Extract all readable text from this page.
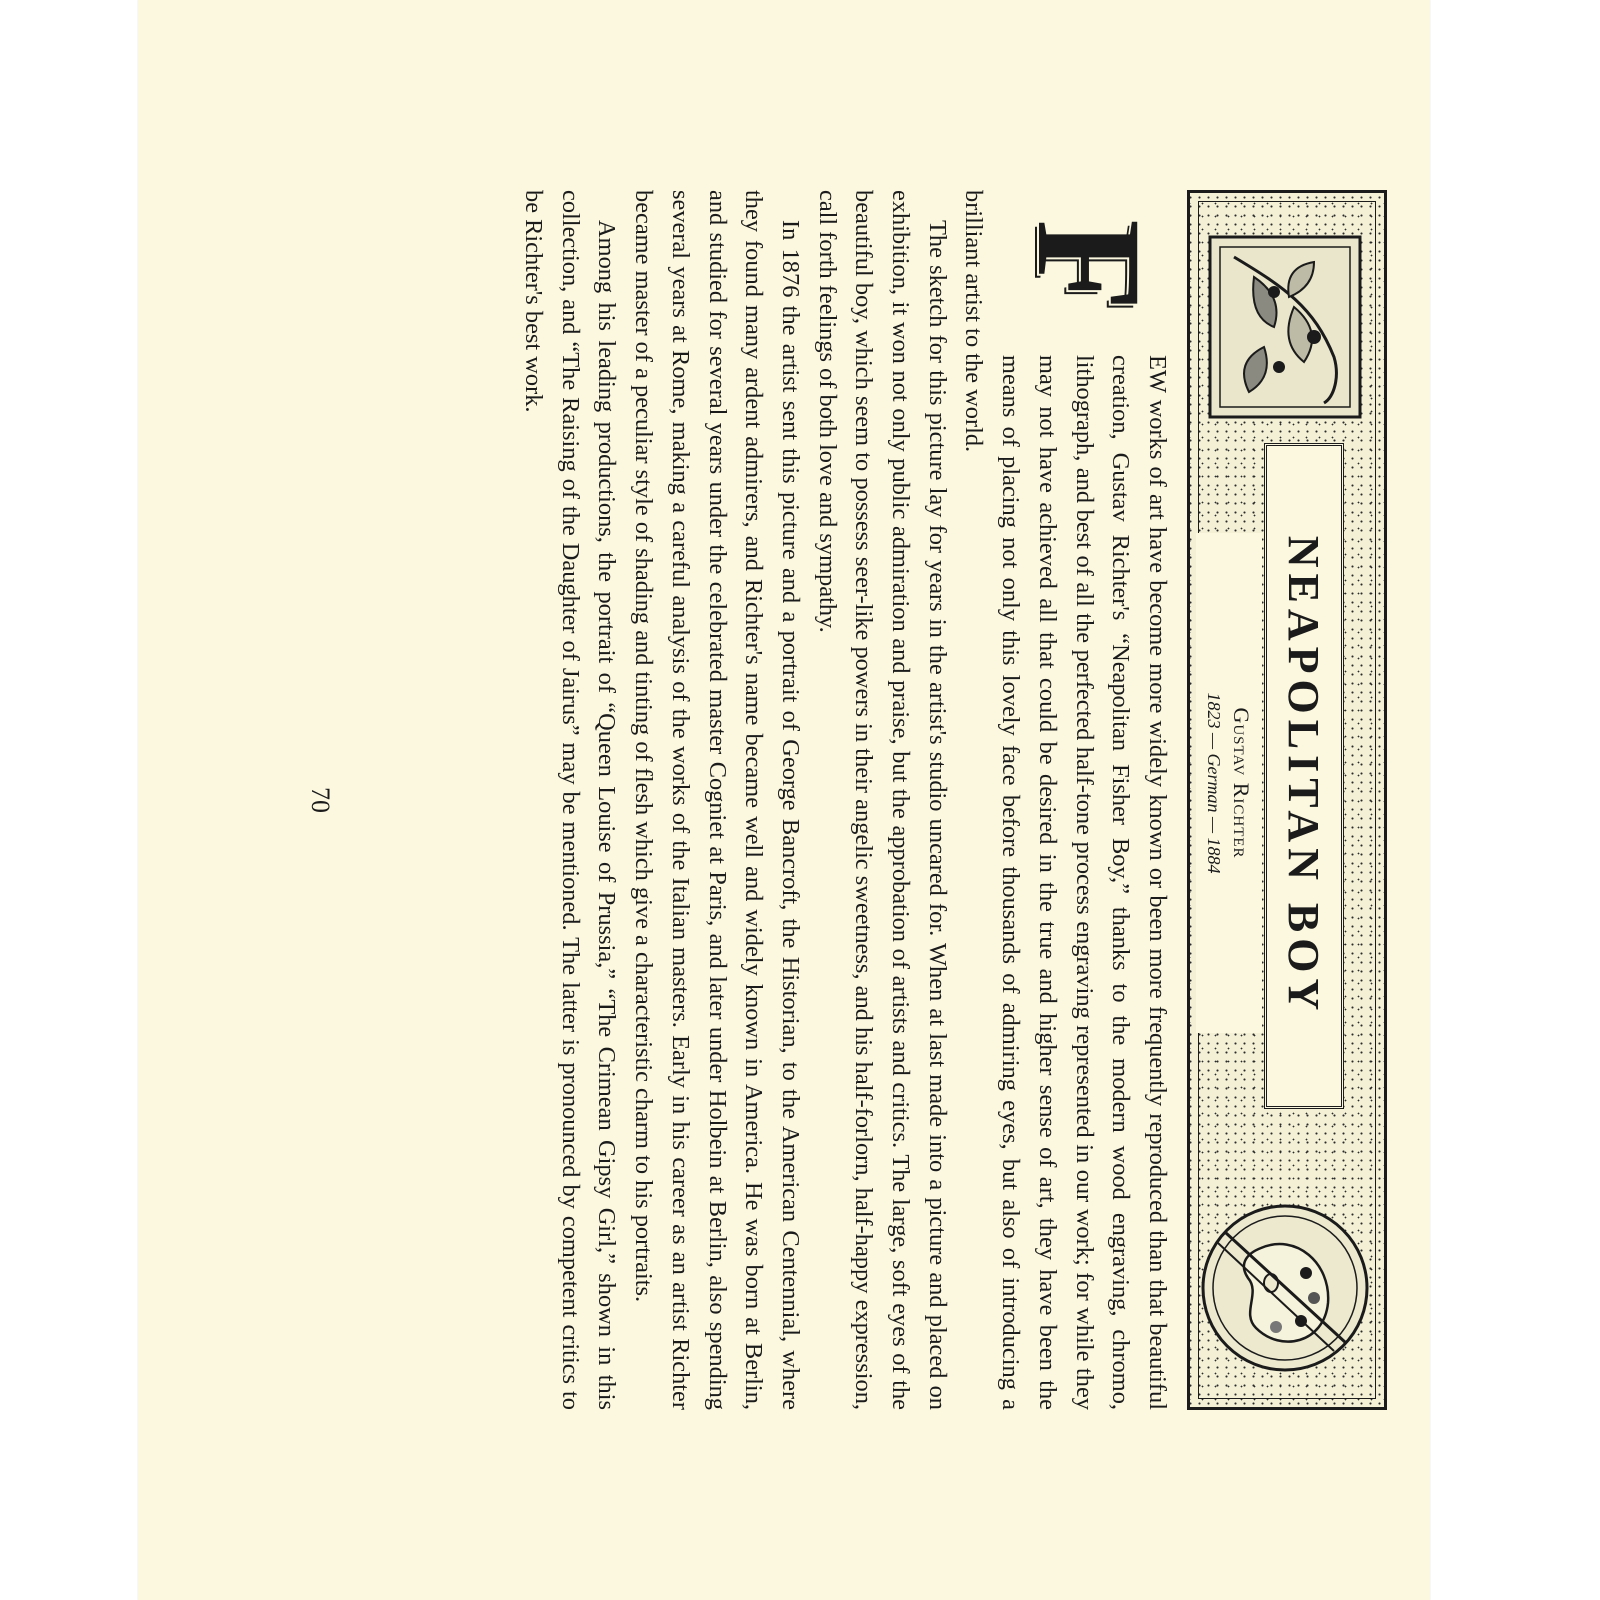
NEAPOLITAN BOY
Gustav Richter
1823 — German — 1884
F

EW works of art have become more widely known or been more frequently reproduced than that beautiful creation, Gustav Richter's “Neapolitan Fisher Boy,” thanks to the modern wood engraving, chromo, lithograph, and best of all the perfected half-tone process engraving represented in our work; for while they may not have achieved all that could be desired in the true and higher sense of art, they have been the means of placing not only this lovely face before thousands of admiring eyes, but also of introducing a brilliant artist to the world.

The sketch for this picture lay for years in the artist's studio uncared for. When at last made into a picture and placed on exhibition, it won not only public admiration and praise, but the approbation of artists and critics. The large, soft eyes of the beautiful boy, which seem to possess seer-like powers in their angelic sweetness, and his half-forlorn, half-happy expression, call forth feelings of both love and sympathy.

In 1876 the artist sent this picture and a portrait of George Bancroft, the Historian, to the American Centennial, where they found many ardent admirers, and Richter's name became well and widely known in America. He was born at Berlin, and studied for several years under the celebrated master Cogniet at Paris, and later under Holbein at Berlin, also spending several years at Rome, making a careful analysis of the works of the Italian masters. Early in his career as an artist Richter became master of a peculiar style of shading and tinting of flesh which give a characteristic charm to his portraits.

Among his leading productions, the portrait of “Queen Louise of Prussia,” “The Crimean Gipsy Girl,” shown in this collection, and “The Raising of the Daughter of Jairus” may be mentioned. The latter is pronounced by competent critics to be Richter's best work.

70
